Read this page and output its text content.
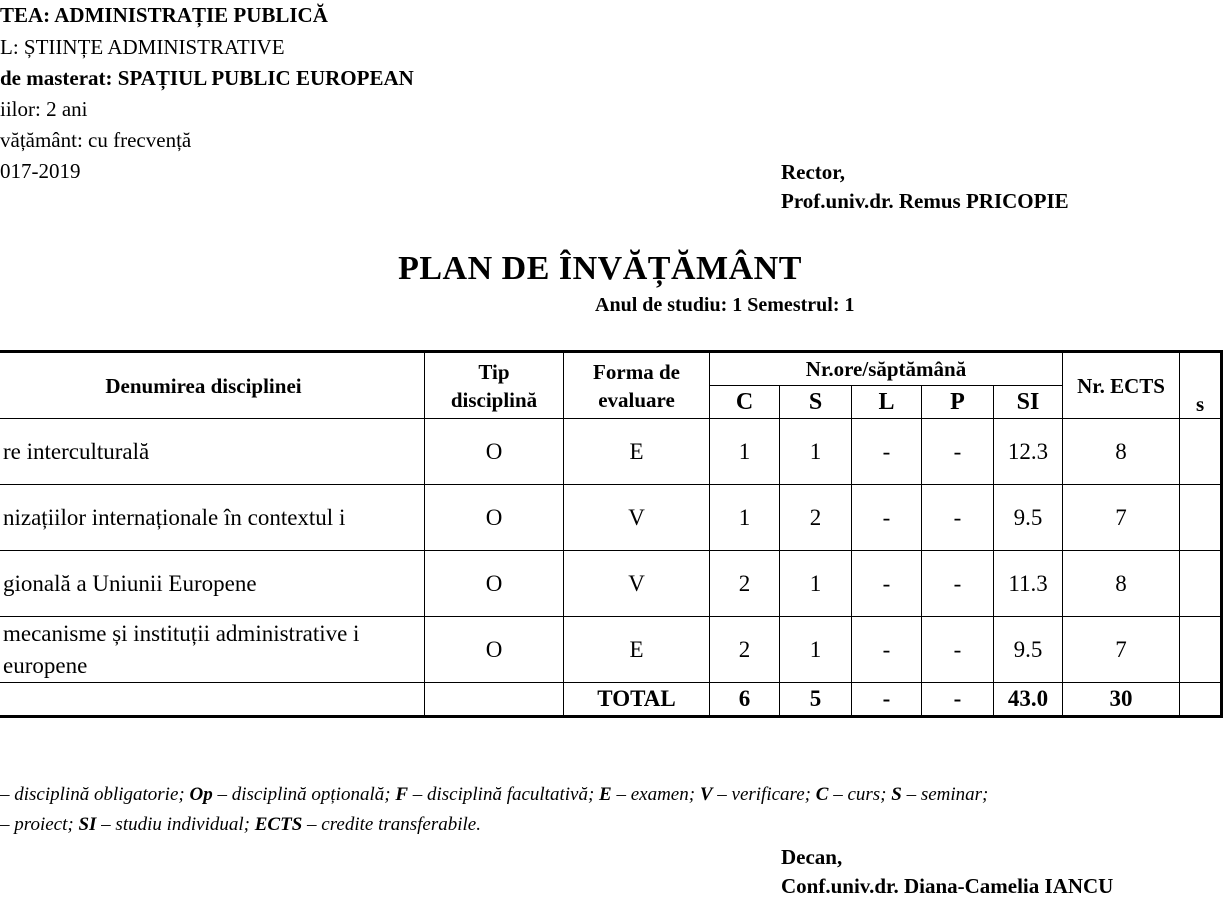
TEA: ADMINISTRAȚIE PUBLICĂ
L: ȘTIINȚE ADMINISTRATIVE
de masterat: SPAȚIUL PUBLIC EUROPEAN
iilor: 2 ani
vățământ: cu frecvență
017-2019	Rector,
Prof.univ.dr. Remus PRICOPIE
PLAN DE ÎNVĂȚĂMÂNT
Anul de studiu: 1 Semestrul: 1
Denumirea disciplinei	Tip disciplină	Forma de evaluare	Nr.ore/săptămână					Nr. ECTS	s
			C	S	L	P	SI		
re interculturală	O	E	1	1	-	-	12.3	8	
nizațiilor internaționale în contextul i	O	V	1	2	-	-	9.5	7	
gională a Uniunii Europene	O	V	2	1	-	-	11.3	8	
mecanisme și instituții administrative i europene	O	E	2	1	-	-	9.5	7	
		TOTAL	6	5	-	-	43.0	30	
– disciplină obligatorie; Op – disciplină opțională; F – disciplină facultativă; E – examen; V – verificare; C – curs; S – seminar;
– proiect; SI – studiu individual; ECTS – credite transferabile.
Decan,
Conf.univ.dr. Diana-Camelia IANCU
